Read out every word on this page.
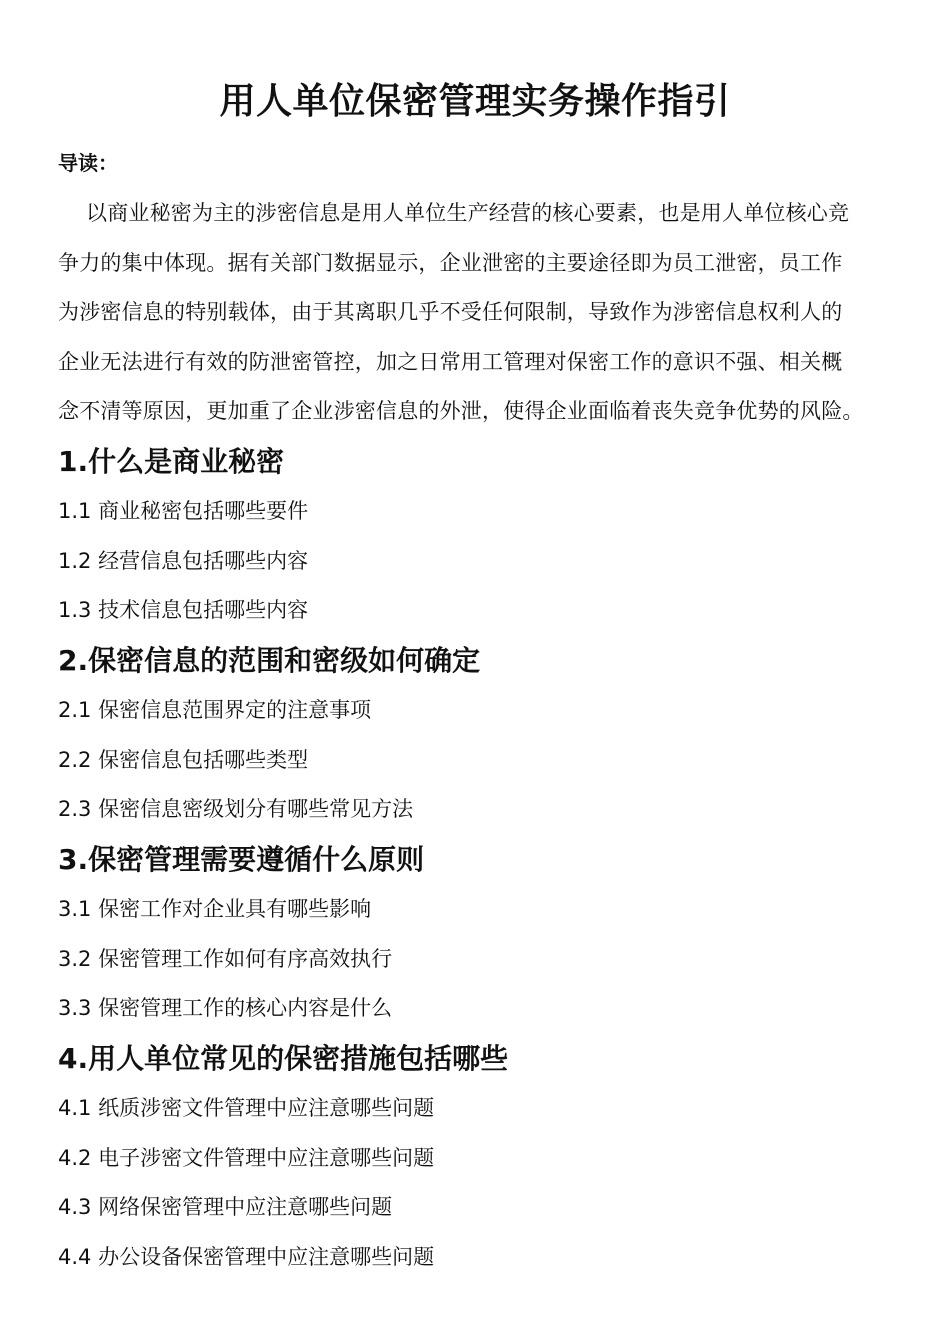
用人单位保密管理实务操作指引
导读：
以商业秘密为主的涉密信息是用人单位生产经营的核心要素，也是用人单位核心竞
争力的集中体现。据有关部门数据显示，企业泄密的主要途径即为员工泄密，员工作
为涉密信息的特别载体，由于其离职几乎不受任何限制，导致作为涉密信息权利人的
企业无法进行有效的防泄密管控，加之日常用工管理对保密工作的意识不强、相关概
念不清等原因，更加重了企业涉密信息的外泄，使得企业面临着丧失竞争优势的风险。
1.什么是商业秘密
1.1 商业秘密包括哪些要件
1.2 经营信息包括哪些内容
1.3 技术信息包括哪些内容
2.保密信息的范围和密级如何确定
2.1 保密信息范围界定的注意事项
2.2 保密信息包括哪些类型
2.3 保密信息密级划分有哪些常见方法
3.保密管理需要遵循什么原则
3.1 保密工作对企业具有哪些影响
3.2 保密管理工作如何有序高效执行
3.3 保密管理工作的核心内容是什么
4.用人单位常见的保密措施包括哪些
4.1 纸质涉密文件管理中应注意哪些问题
4.2 电子涉密文件管理中应注意哪些问题
4.3 网络保密管理中应注意哪些问题
4.4 办公设备保密管理中应注意哪些问题
